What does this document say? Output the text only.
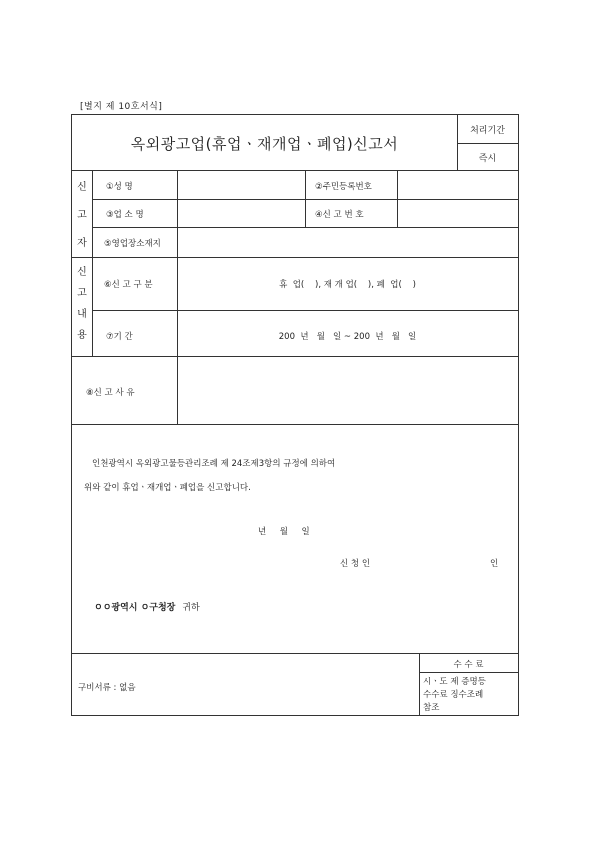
[별지 제 10호서식]
옥외광고업(휴업ㆍ재개업ㆍ폐업)신고서
처리기간
즉시
신
고
자
①성 명	②주민등록번호
③업 소 명	④신 고 번 호
⑤영업장소재지
신
고
내
용
⑥신 고 구 분	휴  업(    ), 재 개 업(    ), 폐  업(    )
⑦기 간	200  년   월   일 ~ 200  년   월   일
⑧신 고 사 유
인천광역시 옥외광고물등관리조례 제 24조제3항의 규정에 의하여
위와 같이 휴업ㆍ재개업ㆍ폐업을 신고합니다.
년     월     일
신 청 인	인
ㅇㅇ광역시 ㅇ구청장 귀하
구비서류 : 없음
수 수 료
시ㆍ도 제 증명등
수수료 징수조례
참조
